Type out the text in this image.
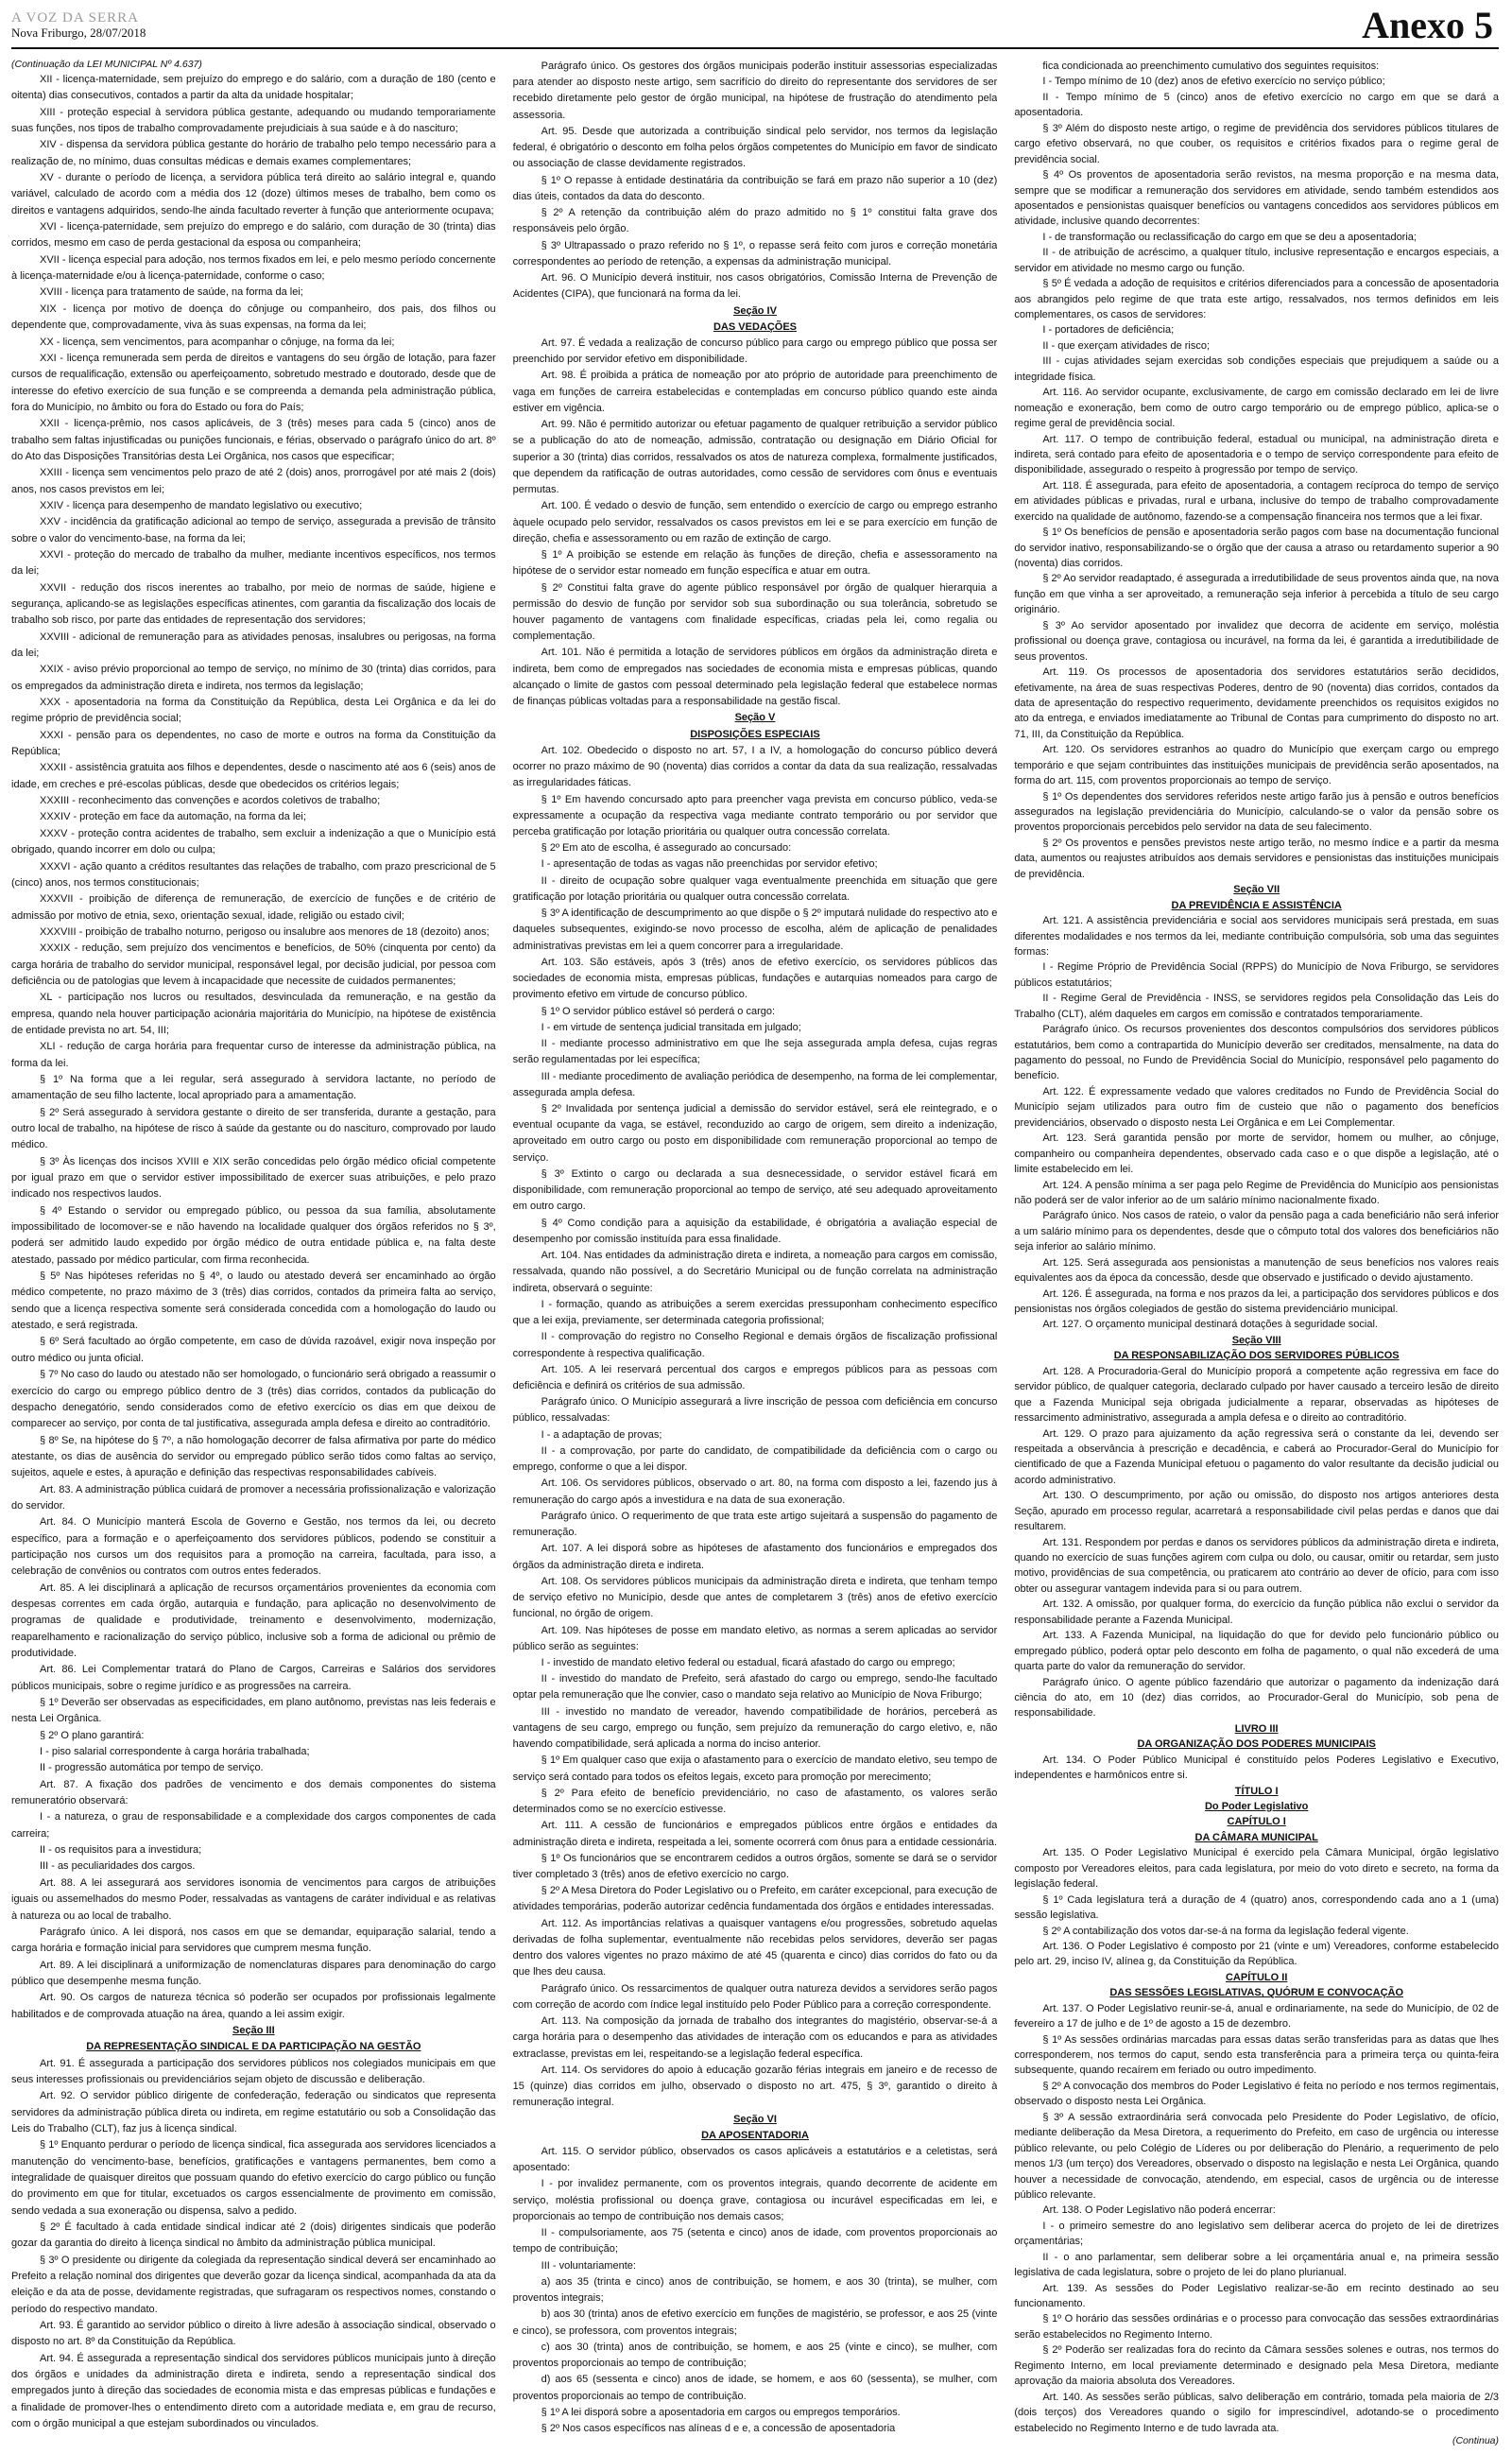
A VOZ DA SERRA
Nova Friburgo, 28/07/2018	Anexo 5
(Continuação da LEI MUNICIPAL Nº 4.637)

XII - licença-maternidade, sem prejuízo do emprego e do salário, com a duração de 180 (cento e oitenta) dias consecutivos, contados a partir da alta da unidade hospitalar;

XIII - proteção especial à servidora pública gestante, adequando ou mudando temporariamente suas funções, nos tipos de trabalho comprovadamente prejudiciais à sua saúde e à do nascituro;

XIV - dispensa da servidora pública gestante do horário de trabalho pelo tempo necessário para a realização de, no mínimo, duas consultas médicas e demais exames complementares;

XV - durante o período de licença, a servidora pública terá direito ao salário integral e, quando variável, calculado de acordo com a média dos 12 (doze) últimos meses de trabalho, bem como os direitos e vantagens adquiridos, sendo-lhe ainda facultado reverter à função que anteriormente ocupava;

XVI - licença-paternidade, sem prejuízo do emprego e do salário, com duração de 30 (trinta) dias corridos, mesmo em caso de perda gestacional da esposa ou companheira;

XVII - licença especial para adoção, nos termos fixados em lei, e pelo mesmo período concernente à licença-maternidade e/ou à licença-paternidade, conforme o caso;

XVIII - licença para tratamento de saúde, na forma da lei;

XIX - licença por motivo de doença do cônjuge ou companheiro, dos pais, dos filhos ou dependente que, comprovadamente, viva às suas expensas, na forma da lei;

XX - licença, sem vencimentos, para acompanhar o cônjuge, na forma da lei;

XXI - licença remunerada sem perda de direitos e vantagens do seu órgão de lotação, para fazer cursos de requalificação, extensão ou aperfeiçoamento, sobretudo mestrado e doutorado, desde que de interesse do efetivo exercício de sua função e se compreenda a demanda pela administração pública, fora do Município, no âmbito ou fora do Estado ou fora do País;

XXII - licença-prêmio, nos casos aplicáveis, de 3 (três) meses para cada 5 (cinco) anos de trabalho sem faltas injustificadas ou punições funcionais, e férias, observado o parágrafo único do art. 8º do Ato das Disposições Transitórias desta Lei Orgânica, nos casos que especificar;

XXIII - licença sem vencimentos pelo prazo de até 2 (dois) anos, prorrogável por até mais 2 (dois) anos, nos casos previstos em lei;

XXIV - licença para desempenho de mandato legislativo ou executivo;

XXV - incidência da gratificação adicional ao tempo de serviço, assegurada a previsão de trânsito sobre o valor do vencimento-base, na forma da lei;

XXVI - proteção do mercado de trabalho da mulher, mediante incentivos específicos, nos termos da lei;

XXVII - redução dos riscos inerentes ao trabalho, por meio de normas de saúde, higiene e segurança, aplicando-se as legislações específicas atinentes, com garantia da fiscalização dos locais de trabalho sob risco, por parte das entidades de representação dos servidores;

XXVIII - adicional de remuneração para as atividades penosas, insalubres ou perigosas, na forma da lei;

XXIX - aviso prévio proporcional ao tempo de serviço, no mínimo de 30 (trinta) dias corridos, para os empregados da administração direta e indireta, nos termos da legislação;

XXX - aposentadoria na forma da Constituição da República, desta Lei Orgânica e da lei do regime próprio de previdência social;

XXXI - pensão para os dependentes, no caso de morte e outros na forma da Constituição da República;

XXXII - assistência gratuita aos filhos e dependentes, desde o nascimento até aos 6 (seis) anos de idade, em creches e pré-escolas públicas, desde que obedecidos os critérios legais;

XXXIII - reconhecimento das convenções e acordos coletivos de trabalho;

XXXIV - proteção em face da automação, na forma da lei;

XXXV - proteção contra acidentes de trabalho, sem excluir a indenização a que o Município está obrigado, quando incorrer em dolo ou culpa;

XXXVI - ação quanto a créditos resultantes das relações de trabalho, com prazo prescricional de 5 (cinco) anos, nos termos constitucionais;

XXXVII - proibição de diferença de remuneração, de exercício de funções e de critério de admissão por motivo de etnia, sexo, orientação sexual, idade, religião ou estado civil;

XXXVIII - proibição de trabalho noturno, perigoso ou insalubre aos menores de 18 (dezoito) anos;

XXXIX - redução, sem prejuízo dos vencimentos e benefícios, de 50% (cinquenta por cento) da carga horária de trabalho do servidor municipal, responsável legal, por decisão judicial, por pessoa com deficiência ou de patologias que levem à incapacidade que necessite de cuidados permanentes;

XL - participação nos lucros ou resultados, desvinculada da remuneração, e na gestão da empresa, quando nela houver participação acionária majoritária do Município, na hipótese de existência de entidade prevista no art. 54, III;

XLI - redução de carga horária para frequentar curso de interesse da administração pública, na forma da lei.

§ 1º Na forma que a lei regular, será assegurado à servidora lactante, no período de amamentação de seu filho lactente, local apropriado para a amamentação.

§ 2º Será assegurado à servidora gestante o direito de ser transferida, durante a gestação, para outro local de trabalho, na hipótese de risco à saúde da gestante ou do nascituro, comprovado por laudo médico.

§ 3º Às licenças dos incisos XVIII e XIX serão concedidas pelo órgão médico oficial competente por igual prazo em que o servidor estiver impossibilitado de exercer suas atribuições, e pelo prazo indicado nos respectivos laudos.

§ 4º Estando o servidor ou empregado público, ou pessoa da sua família, absolutamente impossibilitado de locomover-se e não havendo na localidade qualquer dos órgãos referidos no § 3º, poderá ser admitido laudo expedido por órgão médico de outra entidade pública e, na falta deste atestado, passado por médico particular, com firma reconhecida.

§ 5º Nas hipóteses referidas no § 4º, o laudo ou atestado deverá ser encaminhado ao órgão médico competente, no prazo máximo de 3 (três) dias corridos, contados da primeira falta ao serviço, sendo que a licença respectiva somente será considerada concedida com a homologação do laudo ou atestado, e será registrada.

§ 6º Será facultado ao órgão competente, em caso de dúvida razoável, exigir nova inspeção por outro médico ou junta oficial.

§ 7º No caso do laudo ou atestado não ser homologado, o funcionário será obrigado a reassumir o exercício do cargo ou emprego público dentro de 3 (três) dias corridos, contados da publicação do despacho denegatório, sendo considerados como de efetivo exercício os dias em que deixou de comparecer ao serviço, por conta de tal justificativa, assegurada ampla defesa e direito ao contraditório.

§ 8º Se, na hipótese do § 7º, a não homologação decorrer de falsa afirmativa por parte do médico atestante, os dias de ausência do servidor ou empregado público serão tidos como faltas ao serviço, sujeitos, aquele e estes, à apuração e definição das respectivas responsabilidades cabíveis.

Art. 83. A administração pública cuidará de promover a necessária profissionalização e valorização do servidor.

Art. 84. O Município manterá Escola de Governo e Gestão, nos termos da lei, ou decreto específico, para a formação e o aperfeiçoamento dos servidores públicos, podendo se constituir a participação nos cursos um dos requisitos para a promoção na carreira, facultada, para isso, a celebração de convênios ou contratos com outros entes federados.

Art. 85. A lei disciplinará a aplicação de recursos orçamentários provenientes da economia com despesas correntes em cada órgão, autarquia e fundação, para aplicação no desenvolvimento de programas de qualidade e produtividade, treinamento e desenvolvimento, modernização, reaparelhamento e racionalização do serviço público, inclusive sob a forma de adicional ou prêmio de produtividade.

Art. 86. Lei Complementar tratará do Plano de Cargos, Carreiras e Salários dos servidores públicos municipais, sobre o regime jurídico e as progressões na carreira.

§ 1º Deverão ser observadas as especificidades, em plano autônomo, previstas nas leis federais e nesta Lei Orgânica.

§ 2º O plano garantirá:

I - piso salarial correspondente à carga horária trabalhada;

II - progressão automática por tempo de serviço.

Art. 87. A fixação dos padrões de vencimento e dos demais componentes do sistema remuneratório observará:

I - a natureza, o grau de responsabilidade e a complexidade dos cargos componentes de cada carreira;

II - os requisitos para a investidura;

III - as peculiaridades dos cargos.

Art. 88. A lei assegurará aos servidores isonomia de vencimentos para cargos de atribuições iguais ou assemelhados do mesmo Poder, ressalvadas as vantagens de caráter individual e as relativas à natureza ou ao local de trabalho.

Parágrafo único. A lei disporá, nos casos em que se demandar, equiparação salarial, tendo a carga horária e formação inicial para servidores que cumprem mesma função.

Art. 89. A lei disciplinará a uniformização de nomenclaturas dispares para denominação do cargo público que desempenhe mesma função.

Art. 90. Os cargos de natureza técnica só poderão ser ocupados por profissionais legalmente habilitados e de comprovada atuação na área, quando a lei assim exigir.

Seção III
DA REPRESENTAÇÃO SINDICAL E DA PARTICIPAÇÃO NA GESTÃO

Art. 91. É assegurada a participação dos servidores públicos nos colegiados municipais em que seus interesses profissionais ou previdenciários sejam objeto de discussão e deliberação.

Art. 92. O servidor público dirigente de confederação, federação ou sindicatos que representa servidores da administração pública direta ou indireta, em regime estatutário ou sob a Consolidação das Leis do Trabalho (CLT), faz jus à licença sindical.

§ 1º Enquanto perdurar o período de licença sindical, fica assegurada aos servidores licenciados a manutenção do vencimento-base, benefícios, gratificações e vantagens permanentes, bem como a integralidade de quaisquer direitos que possuam quando do efetivo exercício do cargo público ou função do provimento em que for titular, excetuados os cargos essencialmente de provimento em comissão, sendo vedada a sua exoneração ou dispensa, salvo a pedido.

§ 2º É facultado à cada entidade sindical indicar até 2 (dois) dirigentes sindicais que poderão gozar da garantia do direito à licença sindical no âmbito da administração pública municipal.

§ 3º O presidente ou dirigente da colegiada da representação sindical deverá ser encaminhado ao Prefeito a relação nominal dos dirigentes que deverão gozar da licença sindical, acompanhada da ata da eleição e da ata de posse, devidamente registradas, que sufragaram os respectivos nomes, constando o período do respectivo mandato.

Art. 93. É garantido ao servidor público o direito à livre adesão à associação sindical, observado o disposto no art. 8º da Constituição da República.

Art. 94. É assegurada a representação sindical dos servidores públicos municipais junto à direção dos órgãos e unidades da administração direta e indireta, sendo a representação sindical dos empregados junto à direção das sociedades de economia mista e das empresas públicas e fundações e a finalidade de promover-lhes o entendimento direto com a autoridade mediata e, em grau de recurso, com o órgão municipal a que estejam subordinados ou vinculados.

Parágrafo único. Os gestores dos órgãos municipais poderão instituir assessorias especializadas para atender ao disposto neste artigo, sem sacrifício do direito do representante dos servidores de ser recebido diretamente pelo gestor de órgão municipal, na hipótese de frustração do atendimento pela assessoria.

Art. 95. Desde que autorizada a contribuição sindical pelo servidor, nos termos da legislação federal, é obrigatório o desconto em folha pelos órgãos competentes do Município em favor de sindicato ou associação de classe devidamente registrados.

§ 1º O repasse à entidade destinatária da contribuição se fará em prazo não superior a 10 (dez) dias úteis, contados da data do desconto.

§ 2º A retenção da contribuição além do prazo admitido no § 1º constitui falta grave dos responsáveis pelo órgão.

§ 3º Ultrapassado o prazo referido no § 1º, o repasse será feito com juros e correção monetária correspondentes ao período de retenção, a expensas da administração municipal.

Art. 96. O Município deverá instituir, nos casos obrigatórios, Comissão Interna de Prevenção de Acidentes (CIPA), que funcionará na forma da lei.

Seção IV
DAS VEDAÇÕES

Art. 97. É vedada a realização de concurso público para cargo ou emprego público que possa ser preenchido por servidor efetivo em disponibilidade.

Art. 98. É proibida a prática de nomeação por ato próprio de autoridade para preenchimento de vaga em funções de carreira estabelecidas e contempladas em concurso público quando este ainda estiver em vigência.

Art. 99. Não é permitido autorizar ou efetuar pagamento de qualquer retribuição a servidor público se a publicação do ato de nomeação, admissão, contratação ou designação em Diário Oficial for superior a 30 (trinta) dias corridos, ressalvados os atos de natureza complexa, formalmente justificados, que dependem da ratificação de outras autoridades, como cessão de servidores com ônus e eventuais permutas.

Art. 100. É vedado o desvio de função, sem entendido o exercício de cargo ou emprego estranho àquele ocupado pelo servidor, ressalvados os casos previstos em lei e se para exercício em função de direção, chefia e assessoramento ou em razão de extinção de cargo.

§ 1º A proibição se estende em relação às funções de direção, chefia e assessoramento na hipótese de o servidor estar nomeado em função específica e atuar em outra.

§ 2º Constitui falta grave do agente público responsável por órgão de qualquer hierarquia a permissão do desvio de função por servidor sob sua subordinação ou sua tolerância, sobretudo se houver pagamento de vantagens com finalidade específicas, criadas pela lei, como regalia ou complementação.

Art. 101. Não é permitida a lotação de servidores públicos em órgãos da administração direta e indireta, bem como de empregados nas sociedades de economia mista e empresas públicas, quando alcançado o limite de gastos com pessoal determinado pela legislação federal que estabelece normas de finanças públicas voltadas para a responsabilidade na gestão fiscal.

Seção V
DISPOSIÇÕES ESPECIAIS

Art. 102. Obedecido o disposto no art. 57, I a IV, a homologação do concurso público deverá ocorrer no prazo máximo de 90 (noventa) dias corridos a contar da data da sua realização, ressalvadas as irregularidades fáticas.

§ 1º Em havendo concursado apto para preencher vaga prevista em concurso público, veda-se expressamente a ocupação da respectiva vaga mediante contrato temporário ou por servidor que perceba gratificação por lotação prioritária ou qualquer outra concessão correlata.

§ 2º Em ato de escolha, é assegurado ao concursado:

I - apresentação de todas as vagas não preenchidas por servidor efetivo;

II - direito de ocupação sobre qualquer vaga eventualmente preenchida em situação que gere gratificação por lotação prioritária ou qualquer outra concessão correlata.

§ 3º A identificação de descumprimento ao que dispõe o § 2º imputará nulidade do respectivo ato e daqueles subsequentes, exigindo-se novo processo de escolha, além de aplicação de penalidades administrativas previstas em lei a quem concorrer para a irregularidade.

Art. 103. São estáveis, após 3 (três) anos de efetivo exercício, os servidores públicos das sociedades de economia mista, empresas públicas, fundações e autarquias nomeados para cargo de provimento efetivo em virtude de concurso público.

§ 1º O servidor público estável só perderá o cargo:

I - em virtude de sentença judicial transitada em julgado;

II - mediante processo administrativo em que lhe seja assegurada ampla defesa, cujas regras serão regulamentadas por lei específica;

III - mediante procedimento de avaliação periódica de desempenho, na forma de lei complementar, assegurada ampla defesa.

§ 2º Invalidada por sentença judicial a demissão do servidor estável, será ele reintegrado, e o eventual ocupante da vaga, se estável, reconduzido ao cargo de origem, sem direito a indenização, aproveitado em outro cargo ou posto em disponibilidade com remuneração proporcional ao tempo de serviço.

§ 3º Extinto o cargo ou declarada a sua desnecessidade, o servidor estável ficará em disponibilidade, com remuneração proporcional ao tempo de serviço, até seu adequado aproveitamento em outro cargo.

§ 4º Como condição para a aquisição da estabilidade, é obrigatória a avaliação especial de desempenho por comissão instituída para essa finalidade.

Art. 104. Nas entidades da administração direta e indireta, a nomeação para cargos em comissão, ressalvada, quando não possível, a do Secretário Municipal ou de função correlata na administração indireta, observará o seguinte:

I - formação, quando as atribuições a serem exercidas pressuponham conhecimento específico que a lei exija, previamente, ser determinada categoria profissional;

II - comprovação do registro no Conselho Regional e demais órgãos de fiscalização profissional correspondente à respectiva qualificação.

Art. 105. A lei reservará percentual dos cargos e empregos públicos para as pessoas com deficiência e definirá os critérios de sua admissão.

Parágrafo único. O Município assegurará a livre inscrição de pessoa com deficiência em concurso público, ressalvadas:

I - a adaptação de provas;

II - a comprovação, por parte do candidato, de compatibilidade da deficiência com o cargo ou emprego, conforme o que a lei dispor.

Art. 106. Os servidores públicos, observado o art. 80, na forma com disposto a lei, fazendo jus à remuneração do cargo após a investidura e na data de sua exoneração.

Parágrafo único. O requerimento de que trata este artigo sujeitará a suspensão do pagamento de remuneração.

Art. 107. A lei disporá sobre as hipóteses de afastamento dos funcionários e empregados dos órgãos da administração direta e indireta.

Art. 108. Os servidores públicos municipais da administração direta e indireta, que tenham tempo de serviço efetivo no Município, desde que antes de completarem 3 (três) anos de efetivo exercício funcional, no órgão de origem.

Art. 109. Nas hipóteses de posse em mandato eletivo, as normas a serem aplicadas ao servidor público serão as seguintes:

I - investido de mandato eletivo federal ou estadual, ficará afastado do cargo ou emprego;

II - investido do mandato de Prefeito, será afastado do cargo ou emprego, sendo-lhe facultado optar pela remuneração que lhe convier, caso o mandato seja relativo ao Município de Nova Friburgo;

III - investido no mandato de vereador, havendo compatibilidade de horários, perceberá as vantagens de seu cargo, emprego ou função, sem prejuízo da remuneração do cargo eletivo, e, não havendo compatibilidade, será aplicada a norma do inciso anterior.

§ 1º Em qualquer caso que exija o afastamento para o exercício de mandato eletivo, seu tempo de serviço será contado para todos os efeitos legais, exceto para promoção por merecimento;

§ 2º Para efeito de benefício previdenciário, no caso de afastamento, os valores serão determinados como se no exercício estivesse.

Art. 111. A cessão de funcionários e empregados públicos entre órgãos e entidades da administração direta e indireta, respeitada a lei, somente ocorrerá com ônus para a entidade cessionária.

§ 1º Os funcionários que se encontrarem cedidos a outros órgãos, somente se dará se o servidor tiver completado 3 (três) anos de efetivo exercício no cargo.

§ 2º A Mesa Diretora do Poder Legislativo ou o Prefeito, em caráter excepcional, para execução de atividades temporárias, poderão autorizar cedência fundamentada dos órgãos e entidades interessadas.

Art. 112. As importâncias relativas a quaisquer vantagens e/ou progressões, sobretudo aquelas derivadas de folha suplementar, eventualmente não recebidas pelos servidores, deverão ser pagas dentro dos valores vigentes no prazo máximo de até 45 (quarenta e cinco) dias corridos do fato ou da que lhes deu causa.

Parágrafo único. Os ressarcimentos de qualquer outra natureza devidos a servidores serão pagos com correção de acordo com índice legal instituído pelo Poder Público para a correção correspondente.

Art. 113. Na composição da jornada de trabalho dos integrantes do magistério, observar-se-á a carga horária para o desempenho das atividades de interação com os educandos e para as atividades extraclasse, previstas em lei, respeitando-se a legislação federal específica.

Art. 114. Os servidores do apoio à educação gozarão férias integrais em janeiro e de recesso de 15 (quinze) dias corridos em julho, observado o disposto no art. 475, § 3º, garantido o direito à remuneração integral.

Seção VI
DA APOSENTADORIA

Art. 115. O servidor público, observados os casos aplicáveis a estatutários e a celetistas, será aposentado:

I - por invalidez permanente, com os proventos integrais, quando decorrente de acidente em serviço, moléstia profissional ou doença grave, contagiosa ou incurável especificadas em lei, e proporcionais ao tempo de contribuição nos demais casos;

II - compulsoriamente, aos 75 (setenta e cinco) anos de idade, com proventos proporcionais ao tempo de contribuição;

III - voluntariamente:

a) aos 35 (trinta e cinco) anos de contribuição, se homem, e aos 30 (trinta), se mulher, com proventos integrais;

b) aos 30 (trinta) anos de efetivo exercício em funções de magistério, se professor, e aos 25 (vinte e cinco), se professora, com proventos integrais;

c) aos 30 (trinta) anos de contribuição, se homem, e aos 25 (vinte e cinco), se mulher, com proventos proporcionais ao tempo de contribuição;

d) aos 65 (sessenta e cinco) anos de idade, se homem, e aos 60 (sessenta), se mulher, com proventos proporcionais ao tempo de contribuição.

§ 1º A lei disporá sobre a aposentadoria em cargos ou empregos temporários.

§ 2º Nos casos específicos nas alíneas d e e, a concessão de aposentadoria

fica condicionada ao preenchimento cumulativo dos seguintes requisitos:

I - Tempo mínimo de 10 (dez) anos de efetivo exercício no serviço público;

II - Tempo mínimo de 5 (cinco) anos de efetivo exercício no cargo em que se dará a aposentadoria.

§ 3º Além do disposto neste artigo, o regime de previdência dos servidores públicos titulares de cargo efetivo observará, no que couber, os requisitos e critérios fixados para o regime geral de previdência social.

§ 4º Os proventos de aposentadoria serão revistos, na mesma proporção e na mesma data, sempre que se modificar a remuneração dos servidores em atividade, sendo também estendidos aos aposentados e pensionistas quaisquer benefícios ou vantagens concedidos aos servidores públicos em atividade, inclusive quando decorrentes:

I - de transformação ou reclassificação do cargo em que se deu a aposentadoria;

II - de atribuição de acréscimo, a qualquer título, inclusive representação e encargos especiais, a servidor em atividade no mesmo cargo ou função.

§ 5º É vedada a adoção de requisitos e critérios diferenciados para a concessão de aposentadoria aos abrangidos pelo regime de que trata este artigo, ressalvados, nos termos definidos em leis complementares, os casos de servidores:

I - portadores de deficiência;

II - que exerçam atividades de risco;

III - cujas atividades sejam exercidas sob condições especiais que prejudiquem a saúde ou a integridade física.

Art. 116. Ao servidor ocupante, exclusivamente, de cargo em comissão declarado em lei de livre nomeação e exoneração, bem como de outro cargo temporário ou de emprego público, aplica-se o regime geral de previdência social.

Art. 117. O tempo de contribuição federal, estadual ou municipal, na administração direta e indireta, será contado para efeito de aposentadoria e o tempo de serviço correspondente para efeito de disponibilidade, assegurado o respeito à progressão por tempo de serviço.

Art. 118. É assegurada, para efeito de aposentadoria, a contagem recíproca do tempo de serviço em atividades públicas e privadas, rural e urbana, inclusive do tempo de trabalho comprovadamente exercido na qualidade de autônomo, fazendo-se a compensação financeira nos termos que a lei fixar.

§ 1º Os benefícios de pensão e aposentadoria serão pagos com base na documentação funcional do servidor inativo, responsabilizando-se o órgão que der causa a atraso ou retardamento superior a 90 (noventa) dias corridos.

§ 2º Ao servidor readaptado, é assegurada a irredutibilidade de seus proventos ainda que, na nova função em que vinha a ser aproveitado, a remuneração seja inferior à percebida a título de seu cargo originário.

§ 3º Ao servidor aposentado por invalidez que decorra de acidente em serviço, moléstia profissional ou doença grave, contagiosa ou incurável, na forma da lei, é garantida a irredutibilidade de seus proventos.

Art. 119. Os processos de aposentadoria dos servidores estatutários serão decididos, efetivamente, na área de suas respectivas Poderes, dentro de 90 (noventa) dias corridos, contados da data de apresentação do respectivo requerimento, devidamente preenchidos os requisitos exigidos no ato da entrega, e enviados imediatamente ao Tribunal de Contas para cumprimento do disposto no art. 71, III, da Constituição da República.

Art. 120. Os servidores estranhos ao quadro do Município que exerçam cargo ou emprego temporário e que sejam contribuintes das instituições municipais de previdência serão aposentados, na forma do art. 115, com proventos proporcionais ao tempo de serviço.

§ 1º Os dependentes dos servidores referidos neste artigo farão jus à pensão e outros benefícios assegurados na legislação previdenciária do Município, calculando-se o valor da pensão sobre os proventos proporcionais percebidos pelo servidor na data de seu falecimento.

§ 2º Os proventos e pensões previstos neste artigo terão, no mesmo índice e a partir da mesma data, aumentos ou reajustes atribuídos aos demais servidores e pensionistas das instituições municipais de previdência.

Seção VII
DA PREVIDÊNCIA E ASSISTÊNCIA

Art. 121. A assistência previdenciária e social aos servidores municipais será prestada, em suas diferentes modalidades e nos termos da lei, mediante contribuição compulsória, sob uma das seguintes formas:

I - Regime Próprio de Previdência Social (RPPS) do Município de Nova Friburgo, se servidores públicos estatutários;

II - Regime Geral de Previdência - INSS, se servidores regidos pela Consolidação das Leis do Trabalho (CLT), além daqueles em cargos em comissão e contratados temporariamente.

Parágrafo único. Os recursos provenientes dos descontos compulsórios dos servidores públicos estatutários, bem como a contrapartida do Município deverão ser creditados, mensalmente, na data do pagamento do pessoal, no Fundo de Previdência Social do Município, responsável pelo pagamento do benefício.

Art. 122. É expressamente vedado que valores creditados no Fundo de Previdência Social do Município sejam utilizados para outro fim de custeio que não o pagamento dos benefícios previdenciários, observado o disposto nesta Lei Orgânica e em Lei Complementar.

Art. 123. Será garantida pensão por morte de servidor, homem ou mulher, ao cônjuge, companheiro ou companheira dependentes, observado cada caso e o que dispõe a legislação, até o limite estabelecido em lei.

Art. 124. A pensão mínima a ser paga pelo Regime de Previdência do Município aos pensionistas não poderá ser de valor inferior ao de um salário mínimo nacionalmente fixado.

Parágrafo único. Nos casos de rateio, o valor da pensão paga a cada beneficiário não será inferior a um salário mínimo para os dependentes, desde que o cômputo total dos valores dos beneficiários não seja inferior ao salário mínimo.

Art. 125. Será assegurada aos pensionistas a manutenção de seus benefícios nos valores reais equivalentes aos da época da concessão, desde que observado e justificado o devido ajustamento.

Art. 126. É assegurada, na forma e nos prazos da lei, a participação dos servidores públicos e dos pensionistas nos órgãos colegiados de gestão do sistema previdenciário municipal.

Art. 127. O orçamento municipal destinará dotações à seguridade social.

Seção VIII
DA RESPONSABILIZAÇÃO DOS SERVIDORES PÚBLICOS

Art. 128. A Procuradoria-Geral do Município proporá a competente ação regressiva em face do servidor público, de qualquer categoria, declarado culpado por haver causado a terceiro lesão de direito que a Fazenda Municipal seja obrigada judicialmente a reparar, observadas as hipóteses de ressarcimento administrativo, assegurada a ampla defesa e o direito ao contraditório.

Art. 129. O prazo para ajuizamento da ação regressiva será o constante da lei, devendo ser respeitada a observância à prescrição e decadência, e caberá ao Procurador-Geral do Município for cientificado de que a Fazenda Municipal efetuou o pagamento do valor resultante da decisão judicial ou acordo administrativo.

Art. 130. O descumprimento, por ação ou omissão, do disposto nos artigos anteriores desta Seção, apurado em processo regular, acarretará a responsabilidade civil pelas perdas e danos que dai resultarem.

Art. 131. Respondem por perdas e danos os servidores públicos da administração direta e indireta, quando no exercício de suas funções agirem com culpa ou dolo, ou causar, omitir ou retardar, sem justo motivo, providências de sua competência, ou praticarem ato contrário ao dever de ofício, para com isso obter ou assegurar vantagem indevida para si ou para outrem.

Art. 132. A omissão, por qualquer forma, do exercício da função pública não exclui o servidor da responsabilidade perante a Fazenda Municipal.

Art. 133. A Fazenda Municipal, na liquidação do que for devido pelo funcionário público ou empregado público, poderá optar pelo desconto em folha de pagamento, o qual não excederá de uma quarta parte do valor da remuneração do servidor.

Parágrafo único. O agente público fazendário que autorizar o pagamento da indenização dará ciência do ato, em 10 (dez) dias corridos, ao Procurador-Geral do Município, sob pena de responsabilidade.

LIVRO III
DA ORGANIZAÇÃO DOS PODERES MUNICIPAIS

Art. 134. O Poder Público Municipal é constituído pelos Poderes Legislativo e Executivo, independentes e harmônicos entre si.

TÍTULO I
Do Poder Legislativo
CAPÍTULO I
DA CÂMARA MUNICIPAL

Art. 135. O Poder Legislativo Municipal é exercido pela Câmara Municipal, órgão legislativo composto por Vereadores eleitos, para cada legislatura, por meio do voto direto e secreto, na forma da legislação federal.

§ 1º Cada legislatura terá a duração de 4 (quatro) anos, correspondendo cada ano a 1 (uma) sessão legislativa.

§ 2º A contabilização dos votos dar-se-á na forma da legislação federal vigente.

Art. 136. O Poder Legislativo é composto por 21 (vinte e um) Vereadores, conforme estabelecido pelo art. 29, inciso IV, alínea g, da Constituição da República.

CAPÍTULO II
DAS SESSÕES LEGISLATIVAS, QUÓRUM E CONVOCAÇÃO

Art. 137. O Poder Legislativo reunir-se-á, anual e ordinariamente, na sede do Município, de 02 de fevereiro a 17 de julho e de 1º de agosto a 15 de dezembro.

§ 1º As sessões ordinárias marcadas para essas datas serão transferidas para as datas que lhes corresponderem, nos termos do caput, sendo esta transferência para a primeira terça ou quinta-feira subsequente, quando recaírem em feriado ou outro impedimento.

§ 2º A convocação dos membros do Poder Legislativo é feita no período e nos termos regimentais, observado o disposto nesta Lei Orgânica.

§ 3º A sessão extraordinária será convocada pelo Presidente do Poder Legislativo, de ofício, mediante deliberação da Mesa Diretora, a requerimento do Prefeito, em caso de urgência ou interesse público relevante, ou pelo Colégio de Líderes ou por deliberação do Plenário, a requerimento de pelo menos 1/3 (um terço) dos Vereadores, observado o disposto na legislação e nesta Lei Orgânica, quando houver a necessidade de convocação, atendendo, em especial, casos de urgência ou de interesse público relevante.

Art. 138. O Poder Legislativo não poderá encerrar:

I - o primeiro semestre do ano legislativo sem deliberar acerca do projeto de lei de diretrizes orçamentárias;

II - o ano parlamentar, sem deliberar sobre a lei orçamentária anual e, na primeira sessão legislativa de cada legislatura, sobre o projeto de lei do plano plurianual.

Art. 139. As sessões do Poder Legislativo realizar-se-ão em recinto destinado ao seu funcionamento.

§ 1º O horário das sessões ordinárias e o processo para convocação das sessões extraordinárias serão estabelecidos no Regimento Interno.

§ 2º Poderão ser realizadas fora do recinto da Câmara sessões solenes e outras, nos termos do Regimento Interno, em local previamente determinado e designado pela Mesa Diretora, mediante aprovação da maioria absoluta dos Vereadores.

Art. 140. As sessões serão públicas, salvo deliberação em contrário, tomada pela maioria de 2/3 (dois terços) dos Vereadores quando o sigilo for imprescindível, adotando-se o procedimento estabelecido no Regimento Interno e de tudo lavrada ata.

(Continua)
